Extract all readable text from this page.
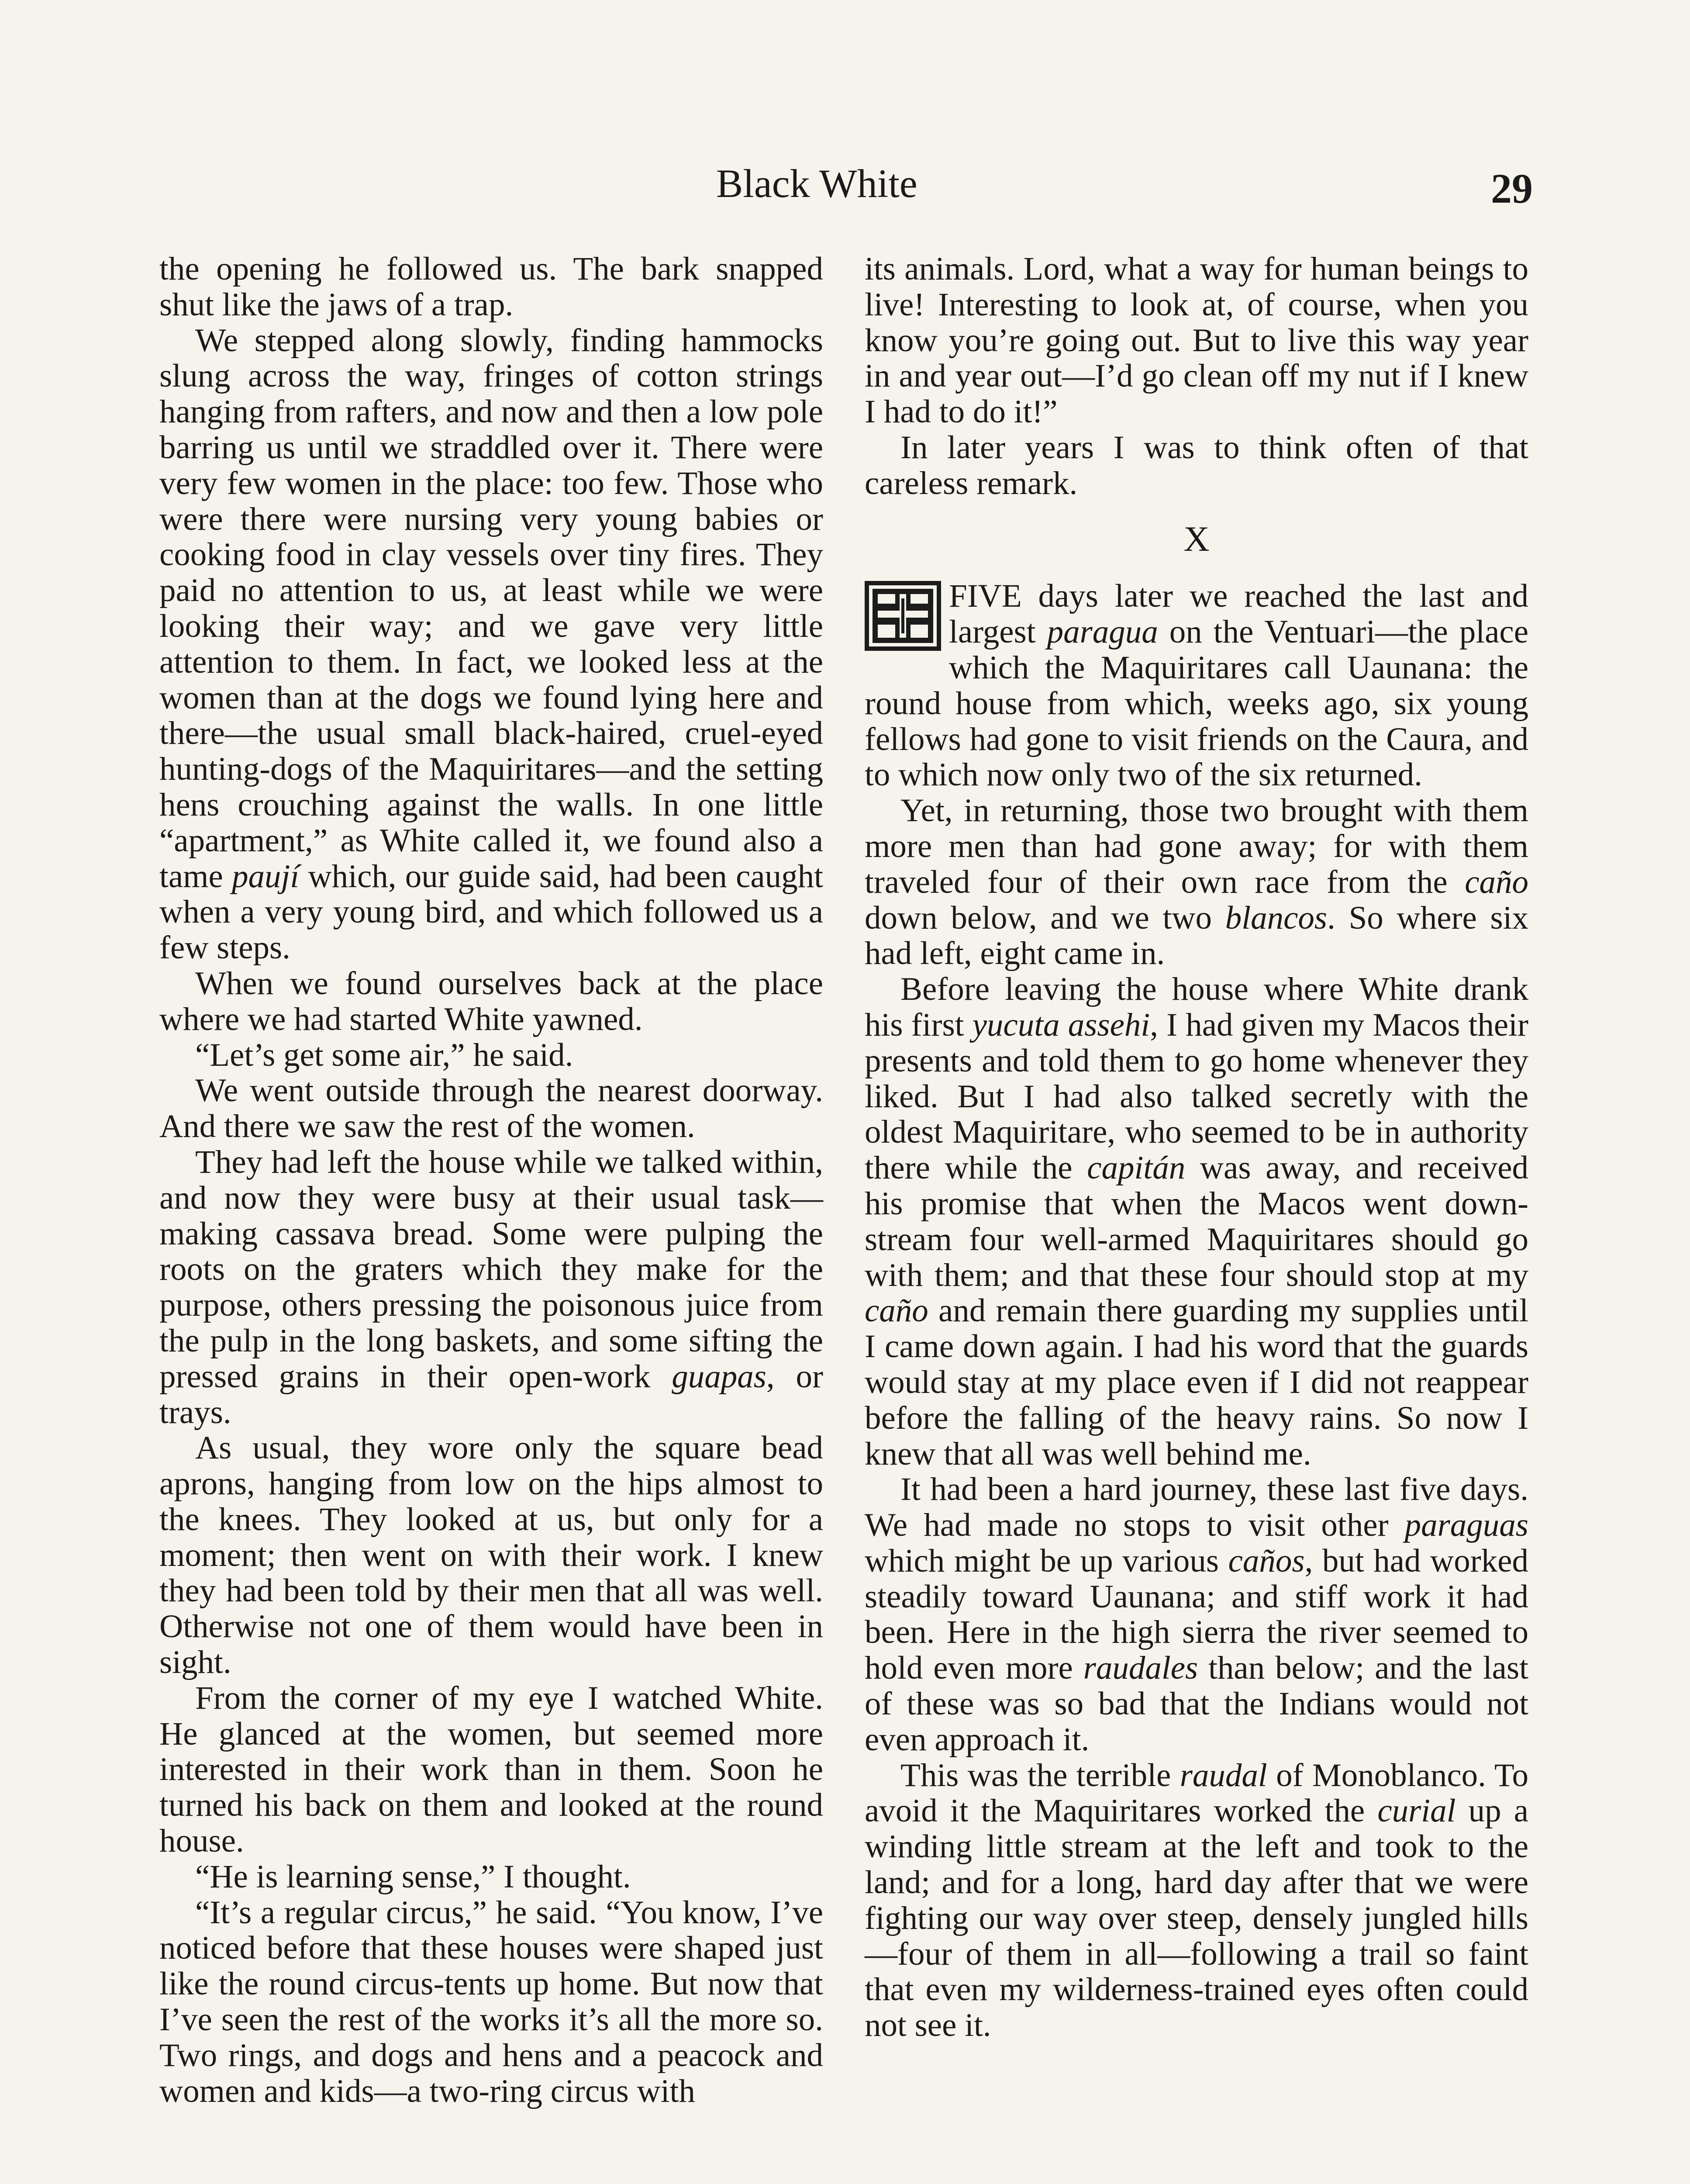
Black White	29

the opening he followed us. The bark snapped shut like the jaws of a trap.

We stepped along slowly, finding hammocks slung across the way, fringes of cotton strings hanging from rafters, and now and then a low pole barring us until we straddled over it. There were very few women in the place: too few. Those who were there were nursing very young babies or cooking food in clay vessels over tiny fires. They paid no attention to us, at least while we were looking their way; and we gave very little attention to them. In fact, we looked less at the women than at the dogs we found lying here and there—the usual small black-haired, cruel-eyed hunting-dogs of the Maquiritares—and the setting hens crouching against the walls. In one little “apartment,” as White called it, we found also a tame paují which, our guide said, had been caught when a very young bird, and which followed us a few steps.

When we found ourselves back at the place where we had started White yawned.

“Let’s get some air,” he said.

We went outside through the nearest doorway. And there we saw the rest of the women.

They had left the house while we talked within, and now they were busy at their usual task—making cassava bread. Some were pulping the roots on the graters which they make for the purpose, others pressing the poisonous juice from the pulp in the long baskets, and some sifting the pressed grains in their open-work guapas, or trays.

As usual, they wore only the square bead aprons, hanging from low on the hips almost to the knees. They looked at us, but only for a moment; then went on with their work. I knew they had been told by their men that all was well. Otherwise not one of them would have been in sight.

From the corner of my eye I watched White. He glanced at the women, but seemed more interested in their work than in them. Soon he turned his back on them and looked at the round house.

“He is learning sense,” I thought.

“It’s a regular circus,” he said. “You know, I’ve noticed before that these houses were shaped just like the round circus-tents up home. But now that I’ve seen the rest of the works it’s all the more so. Two rings, and dogs and hens and a peacock and women and kids—a two-ring circus with

its animals. Lord, what a way for human beings to live! Interesting to look at, of course, when you know you’re going out. But to live this way year in and year out—I’d go clean off my nut if I knew I had to do it!”

In later years I was to think often of that careless remark.

X

FIVE days later we reached the last and largest paragua on the Ventuari—the place which the Maquiritares call Uaunana: the round house from which, weeks ago, six young fellows had gone to visit friends on the Caura, and to which now only two of the six returned.

Yet, in returning, those two brought with them more men than had gone away; for with them traveled four of their own race from the caño down below, and we two blancos. So where six had left, eight came in.

Before leaving the house where White drank his first yucuta assehi, I had given my Macos their presents and told them to go home whenever they liked. But I had also talked secretly with the oldest Maquiritare, who seemed to be in authority there while the capitán was away, and received his promise that when the Macos went down-stream four well-armed Maquiritares should go with them; and that these four should stop at my caño and remain there guarding my supplies until I came down again. I had his word that the guards would stay at my place even if I did not reappear before the falling of the heavy rains. So now I knew that all was well behind me.

It had been a hard journey, these last five days. We had made no stops to visit other paraguas which might be up various caños, but had worked steadily toward Uaunana; and stiff work it had been. Here in the high sierra the river seemed to hold even more raudales than below; and the last of these was so bad that the Indians would not even approach it.

This was the terrible raudal of Monoblanco. To avoid it the Maquiritares worked the curial up a winding little stream at the left and took to the land; and for a long, hard day after that we were fighting our way over steep, densely jungled hills—four of them in all—following a trail so faint that even my wilderness-trained eyes often could not see it.
